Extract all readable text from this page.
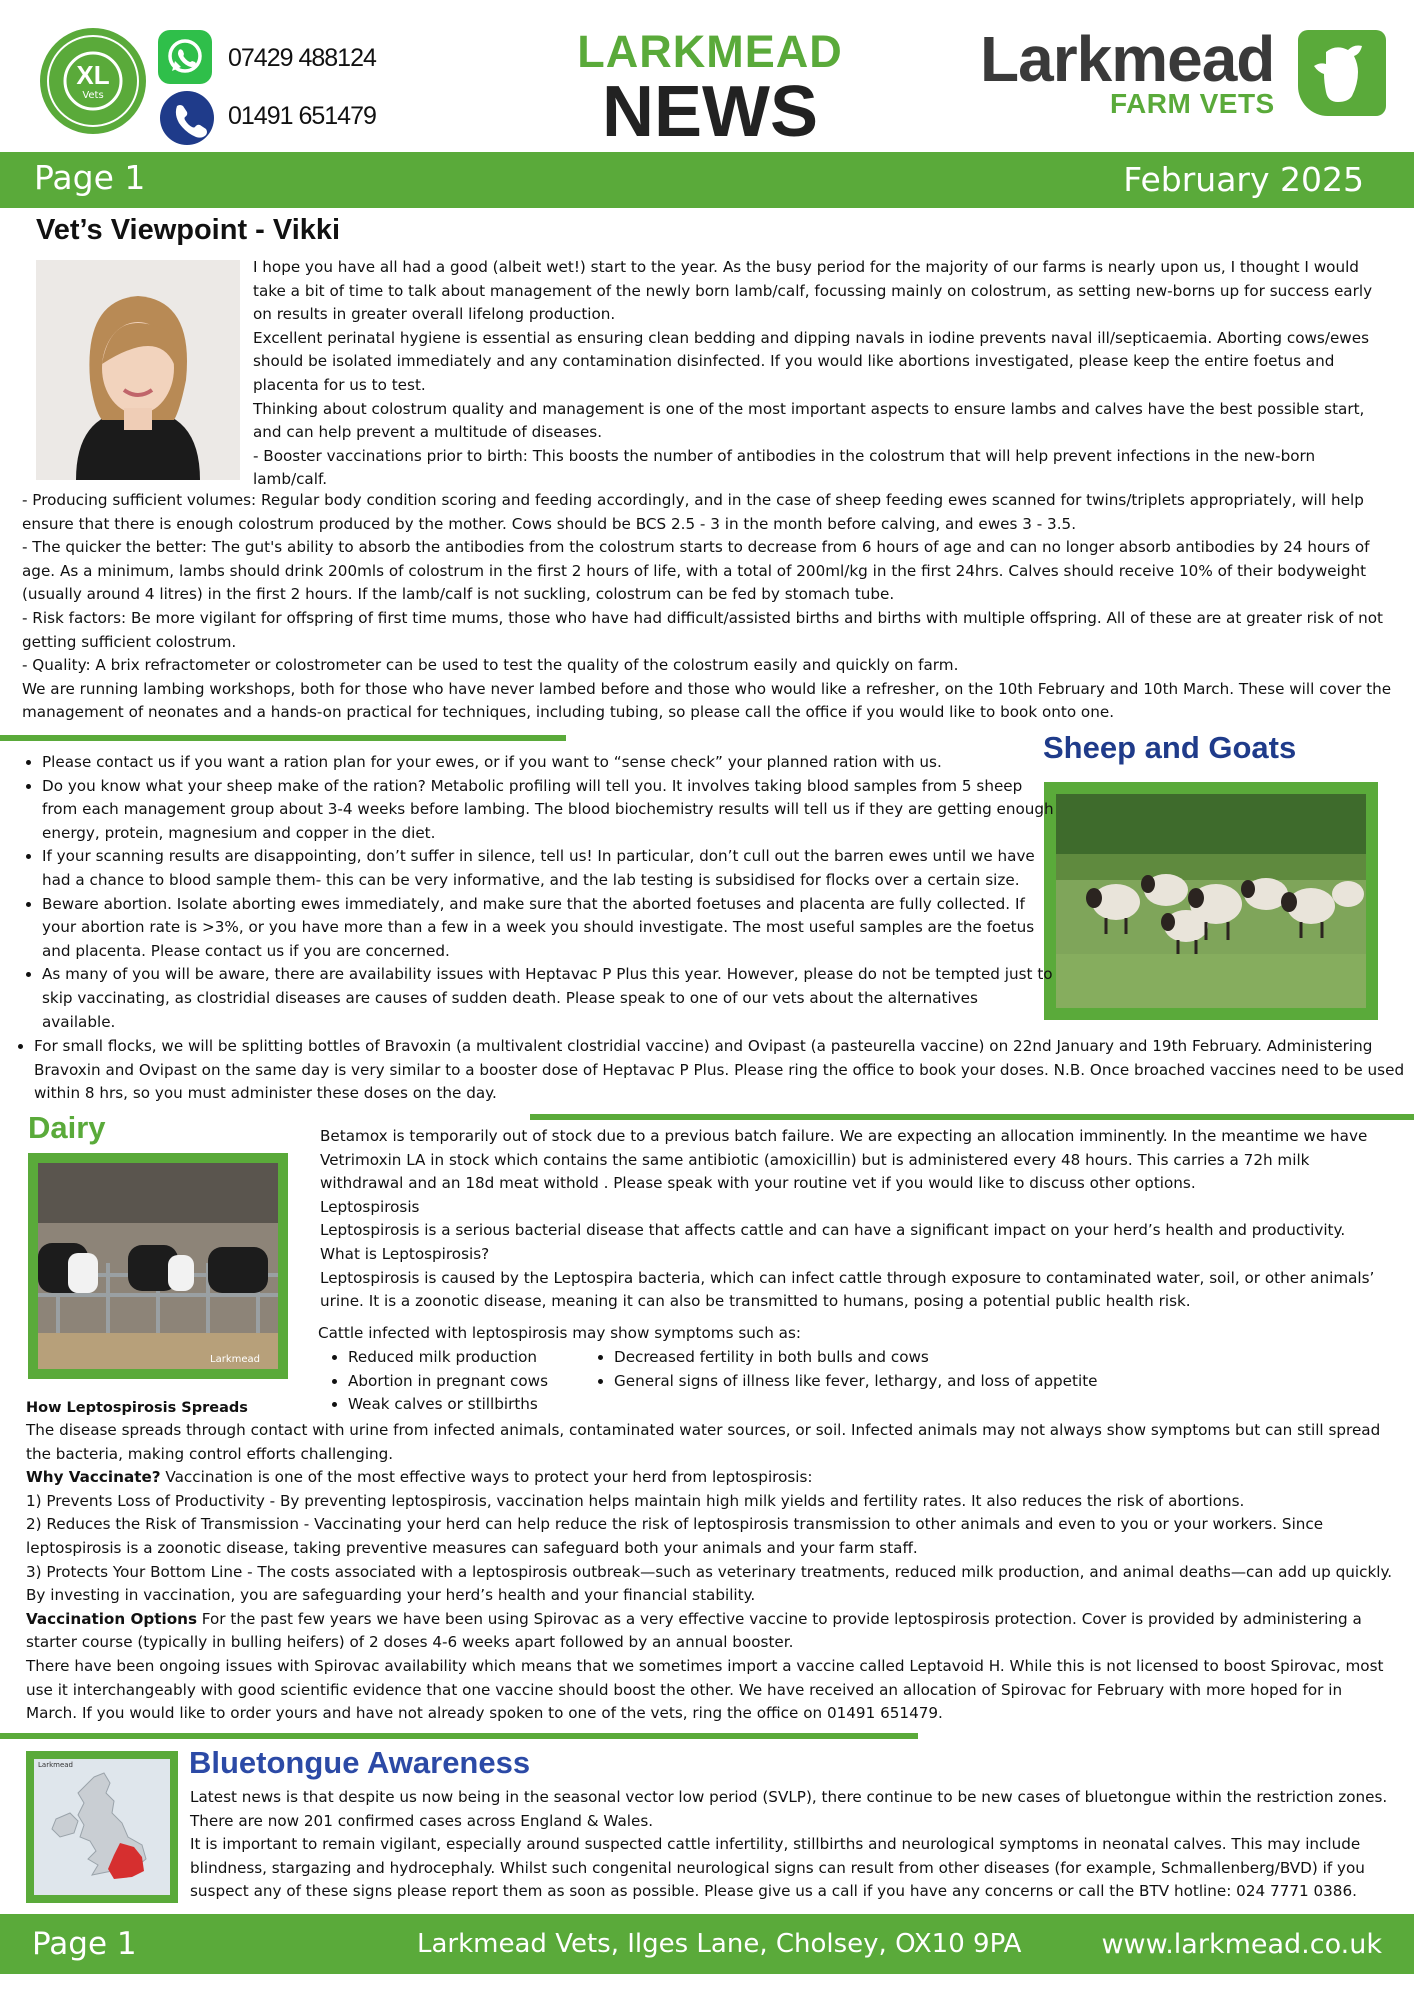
XL
Vets
07429 488124
01491 651479
LARKMEAD
NEWS
Larkmead
FARM VETS
Page 1	February 2025
Vet’s Viewpoint - Vikki
I hope you have all had a good (albeit wet!) start to the year. As the busy period for the majority of our farms is nearly upon us, I thought I would take a bit of time to talk about management of the newly born lamb/calf, focussing mainly on colostrum, as setting new-borns up for success early on results in greater overall lifelong production.
Excellent perinatal hygiene is essential as ensuring clean bedding and dipping navals in iodine prevents naval ill/septicaemia. Aborting cows/ewes should be isolated immediately and any contamination disinfected. If you would like abortions investigated, please keep the entire foetus and placenta for us to test.
Thinking about colostrum quality and management is one of the most important aspects to ensure lambs and calves have the best possible start, and can help prevent a multitude of diseases.
- Booster vaccinations prior to birth: This boosts the number of antibodies in the colostrum that will help prevent infections in the new-born lamb/calf.
- Producing sufficient volumes: Regular body condition scoring and feeding accordingly, and in the case of sheep feeding ewes scanned for twins/triplets appropriately, will help ensure that there is enough colostrum produced by the mother. Cows should be BCS 2.5 - 3 in the month before calving, and ewes 3 - 3.5.
- The quicker the better: The gut's ability to absorb the antibodies from the colostrum starts to decrease from 6 hours of age and can no longer absorb antibodies by 24 hours of age. As a minimum, lambs should drink 200mls of colostrum in the first 2 hours of life, with a total of 200ml/kg in the first 24hrs. Calves should receive 10% of their bodyweight (usually around 4 litres) in the first 2 hours. If the lamb/calf is not suckling, colostrum can be fed by stomach tube.
- Risk factors: Be more vigilant for offspring of first time mums, those who have had difficult/assisted births and births with multiple offspring. All of these are at greater risk of not getting sufficient colostrum.
- Quality: A brix refractometer or colostrometer can be used to test the quality of the colostrum easily and quickly on farm.
We are running lambing workshops, both for those who have never lambed before and those who would like a refresher, on the 10th February and 10th March. These will cover the management of neonates and a hands-on practical for techniques, including tubing, so please call the office if you would like to book onto one.
Sheep and Goats
• Please contact us if you want a ration plan for your ewes, or if you want to “sense check” your planned ration with us.
• Do you know what your sheep make of the ration? Metabolic profiling will tell you. It involves taking blood samples from 5 sheep from each management group about 3-4 weeks before lambing. The blood biochemistry results will tell us if they are getting enough energy, protein, magnesium and copper in the diet.
• If your scanning results are disappointing, don’t suffer in silence, tell us! In particular, don’t cull out the barren ewes until we have had a chance to blood sample them- this can be very informative, and the lab testing is subsidised for flocks over a certain size.
• Beware abortion. Isolate aborting ewes immediately, and make sure that the aborted foetuses and placenta are fully collected. If your abortion rate is >3%, or you have more than a few in a week you should investigate. The most useful samples are the foetus and placenta. Please contact us if you are concerned.
• As many of you will be aware, there are availability issues with Heptavac P Plus this year. However, please do not be tempted just to skip vaccinating, as clostridial diseases are causes of sudden death. Please speak to one of our vets about the alternatives available.
• For small flocks, we will be splitting bottles of Bravoxin (a multivalent clostridial vaccine) and Ovipast (a pasteurella vaccine) on 22nd January and 19th February. Administering Bravoxin and Ovipast on the same day is very similar to a booster dose of Heptavac P Plus. Please ring the office to book your doses. N.B. Once broached vaccines need to be used within 8 hrs, so you must administer these doses on the day.
Dairy
Larkmead
Betamox is temporarily out of stock due to a previous batch failure. We are expecting an allocation imminently. In the meantime we have Vetrimoxin LA in stock which contains the same antibiotic (amoxicillin) but is administered every 48 hours. This carries a 72h milk withdrawal and an 18d meat withold . Please speak with your routine vet if you would like to discuss other options.
Leptospirosis
Leptospirosis is a serious bacterial disease that affects cattle and can have a significant impact on your herd’s health and productivity.
What is Leptospirosis?
Leptospirosis is caused by the Leptospira bacteria, which can infect cattle through exposure to contaminated water, soil, or other animals’ urine. It is a zoonotic disease, meaning it can also be transmitted to humans, posing a potential public health risk.
Cattle infected with leptospirosis may show symptoms such as:
• Reduced milk production
• Abortion in pregnant cows
• Weak calves or stillbirths
• Decreased fertility in both bulls and cows
• General signs of illness like fever, lethargy, and loss of appetite
How Leptospirosis Spreads
The disease spreads through contact with urine from infected animals, contaminated water sources, or soil. Infected animals may not always show symptoms but can still spread the bacteria, making control efforts challenging.
Why Vaccinate? Vaccination is one of the most effective ways to protect your herd from leptospirosis:
1) Prevents Loss of Productivity - By preventing leptospirosis, vaccination helps maintain high milk yields and fertility rates. It also reduces the risk of abortions.
2) Reduces the Risk of Transmission - Vaccinating your herd can help reduce the risk of leptospirosis transmission to other animals and even to you or your workers. Since leptospirosis is a zoonotic disease, taking preventive measures can safeguard both your animals and your farm staff.
3) Protects Your Bottom Line - The costs associated with a leptospirosis outbreak—such as veterinary treatments, reduced milk production, and animal deaths—can add up quickly. By investing in vaccination, you are safeguarding your herd’s health and your financial stability.
Vaccination Options For the past few years we have been using Spirovac as a very effective vaccine to provide leptospirosis protection. Cover is provided by administering a starter course (typically in bulling heifers) of 2 doses 4-6 weeks apart followed by an annual booster.
There have been ongoing issues with Spirovac availability which means that we sometimes import a vaccine called Leptavoid H. While this is not licensed to boost Spirovac, most use it interchangeably with good scientific evidence that one vaccine should boost the other. We have received an allocation of Spirovac for February with more hoped for in March. If you would like to order yours and have not already spoken to one of the vets, ring the office on 01491 651479.
Larkmead	Bluetongue Awareness
Latest news is that despite us now being in the seasonal vector low period (SVLP), there continue to be new cases of bluetongue within the restriction zones. There are now 201 confirmed cases across England & Wales.
It is important to remain vigilant, especially around suspected cattle infertility, stillbirths and neurological symptoms in neonatal calves. This may include blindness, stargazing and hydrocephaly. Whilst such congenital neurological signs can result from other diseases (for example, Schmallenberg/BVD) if you suspect any of these signs please report them as soon as possible. Please give us a call if you have any concerns or call the BTV hotline: 024 7771 0386.
Page 1	Larkmead Vets, Ilges Lane, Cholsey, OX10 9PA	www.larkmead.co.uk
